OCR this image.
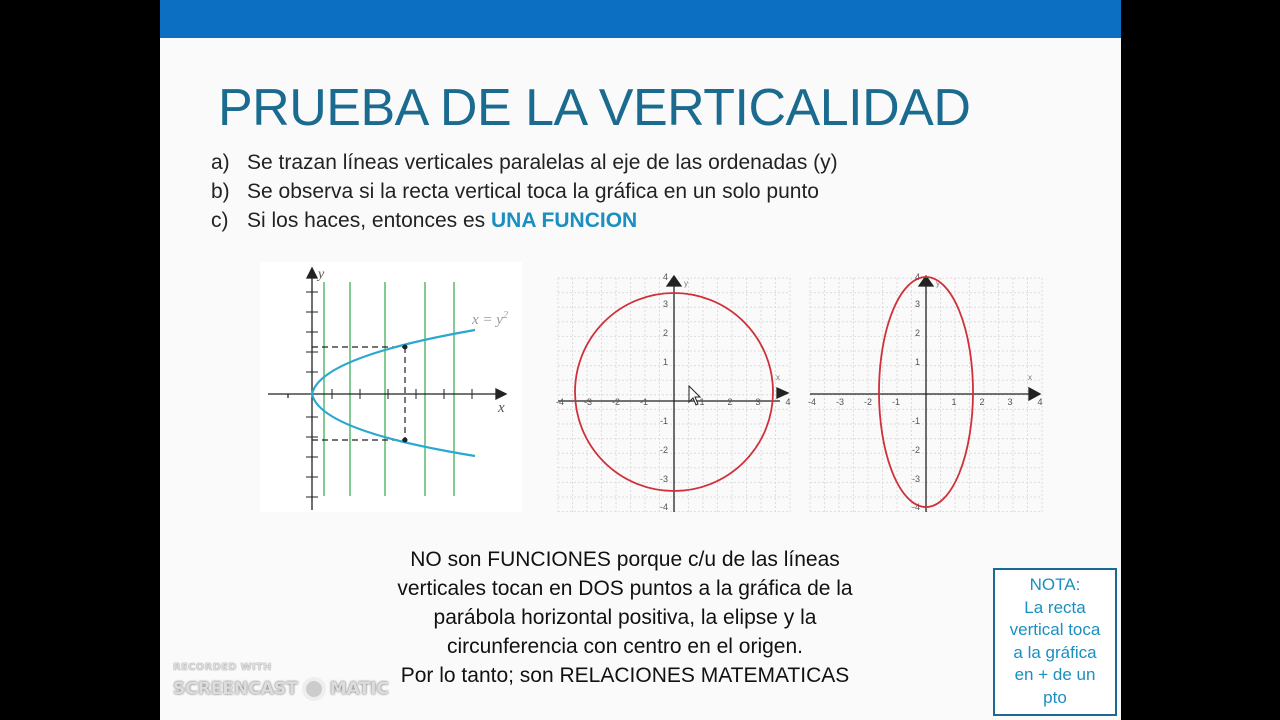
PRUEBA DE LA VERTICALIDAD
a) Se trazan líneas verticales paralelas al eje de las ordenadas (y)
b) Se observa si la recta vertical toca la gráfica en un solo punto
c) Si los haces, entonces es UNA FUNCION
$x = y^2$
x
y
-4 -3 -2 -1	1	2	3	4
4
3
2
1
-1
-2
-3
-4
x
y
-4 -3 -2 -1	1	2	3	4
4
3
2
1
-1
-2
-3
-4
x
y
NO son FUNCIONES porque c/u de las líneas
verticales tocan en DOS puntos a la gráfica de la
parábola horizontal positiva, la elipse y la
circunferencia con centro en el origen.
Por lo tanto; son RELACIONES MATEMATICAS
NOTA:
La recta
vertical toca
a la gráfica
en + de un
pto
RECORDED WITH
SCREENCAST MATIC
